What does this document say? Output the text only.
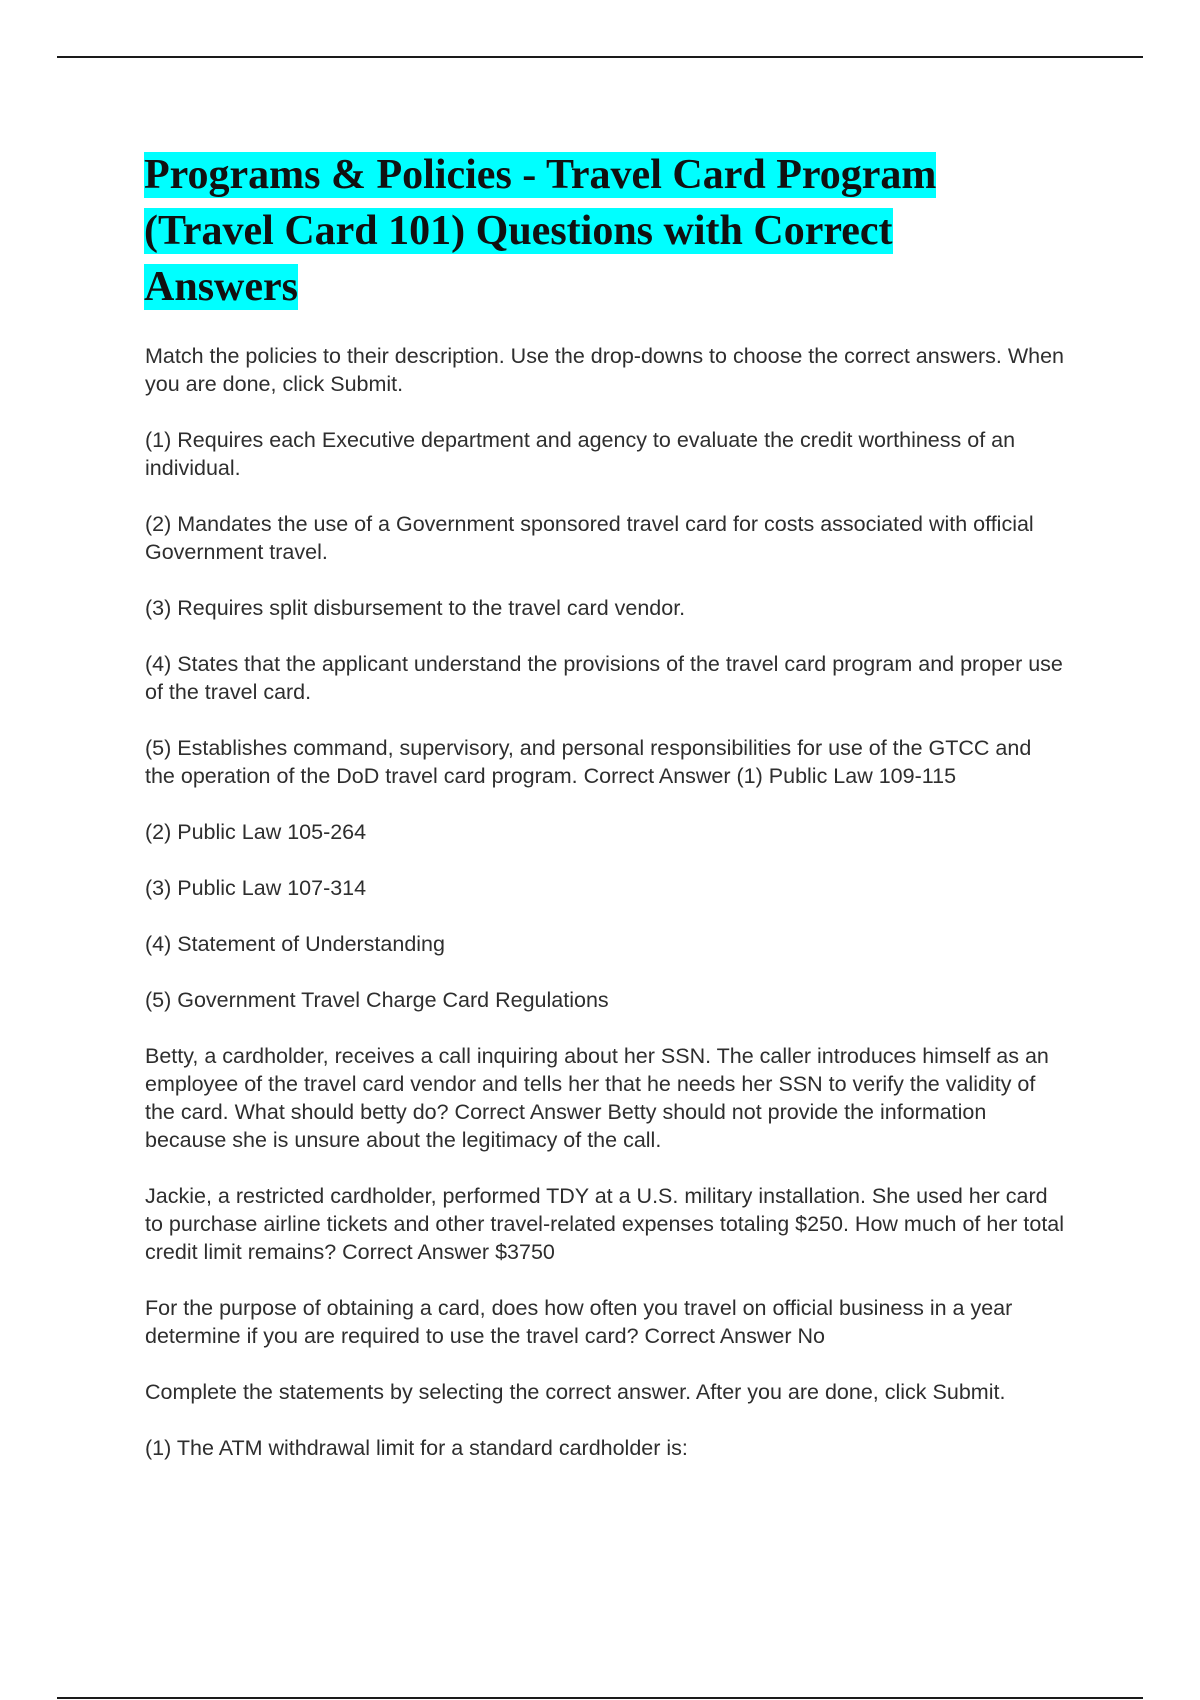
Programs & Policies - Travel Card Program (Travel Card 101) Questions with Correct Answers

Match the policies to their description. Use the drop-downs to choose the correct answers. When you are done, click Submit.

(1) Requires each Executive department and agency to evaluate the credit worthiness of an individual.

(2) Mandates the use of a Government sponsored travel card for costs associated with official Government travel.

(3) Requires split disbursement to the travel card vendor.

(4) States that the applicant understand the provisions of the travel card program and proper use of the travel card.

(5) Establishes command, supervisory, and personal responsibilities for use of the GTCC and the operation of the DoD travel card program. Correct Answer (1) Public Law 109-115

(2) Public Law 105-264

(3) Public Law 107-314

(4) Statement of Understanding

(5) Government Travel Charge Card Regulations

Betty, a cardholder, receives a call inquiring about her SSN. The caller introduces himself as an employee of the travel card vendor and tells her that he needs her SSN to verify the validity of the card. What should betty do? Correct Answer Betty should not provide the information because she is unsure about the legitimacy of the call.

Jackie, a restricted cardholder, performed TDY at a U.S. military installation. She used her card to purchase airline tickets and other travel-related expenses totaling $250. How much of her total credit limit remains? Correct Answer $3750

For the purpose of obtaining a card, does how often you travel on official business in a year determine if you are required to use the travel card? Correct Answer No

Complete the statements by selecting the correct answer. After you are done, click Submit.

(1) The ATM withdrawal limit for a standard cardholder is:
